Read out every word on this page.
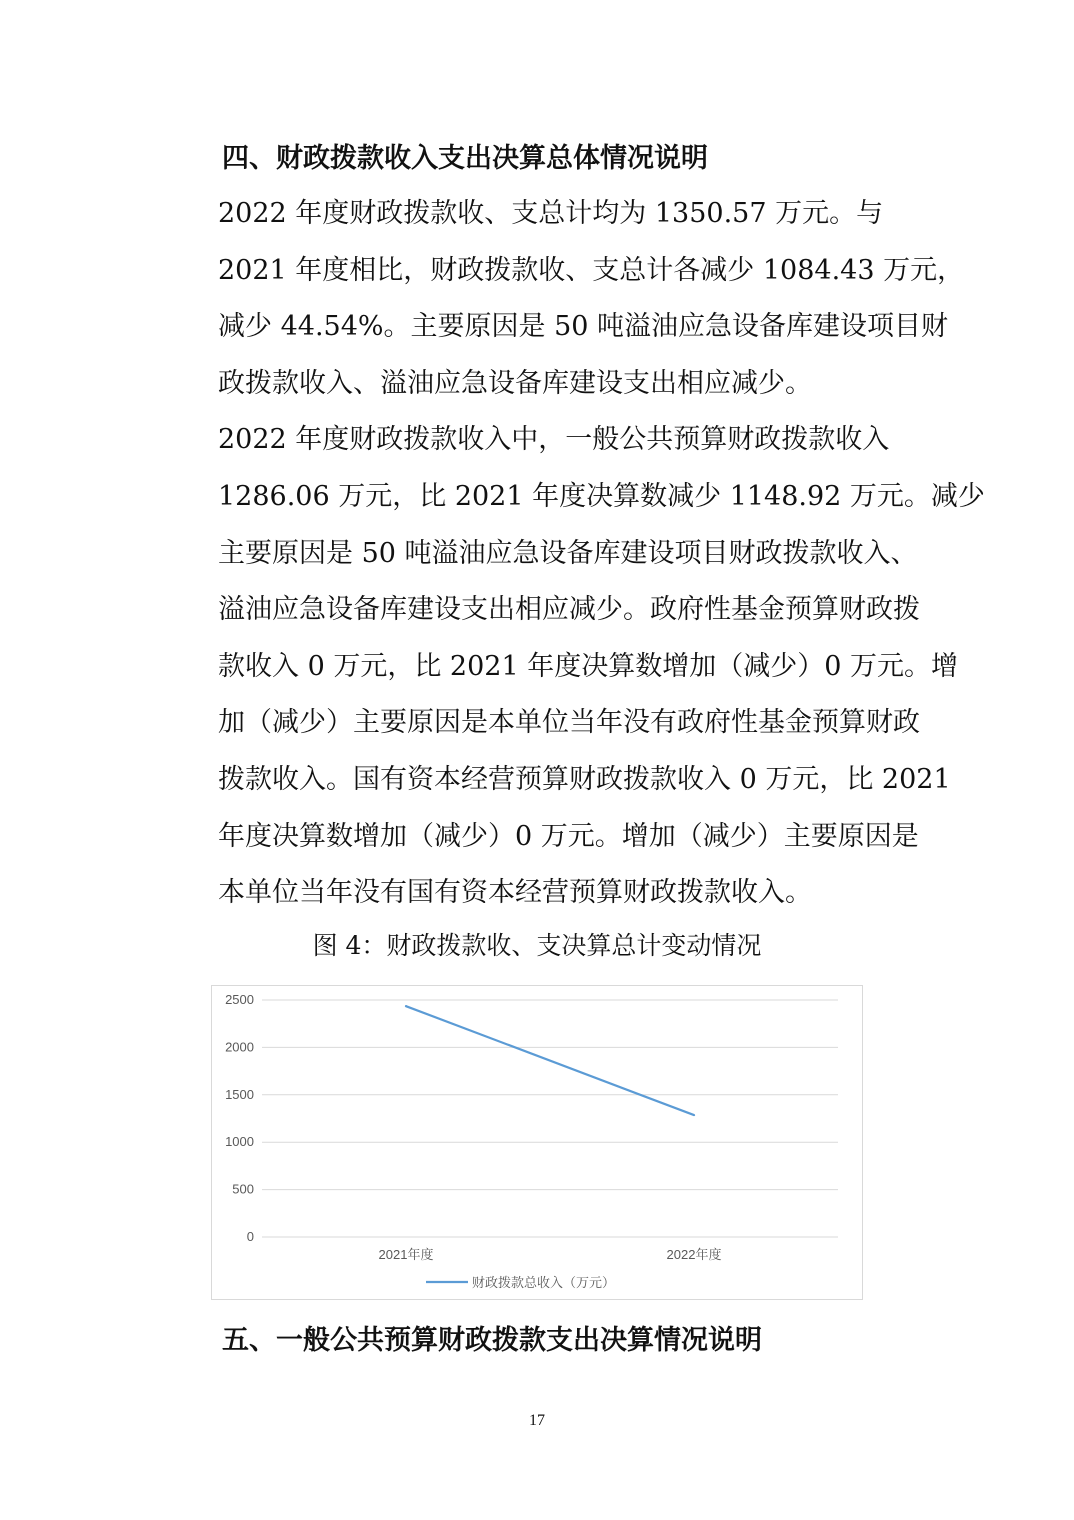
四、财政拨款收入支出决算总体情况说明

2022 年度财政拨款收、支总计均为 1350.57 万元。与
2021 年度相比，财政拨款收、支总计各减少 1084.43 万元，
减少 44.54%。主要原因是 50 吨溢油应急设备库建设项目财
政拨款收入、溢油应急设备库建设支出相应减少。

2022 年度财政拨款收入中，一般公共预算财政拨款收入
1286.06 万元，比 2021 年度决算数减少 1148.92 万元。减少
主要原因是 50 吨溢油应急设备库建设项目财政拨款收入、
溢油应急设备库建设支出相应减少。政府性基金预算财政拨
款收入 0 万元，比 2021 年度决算数增加（减少）0 万元。增
加（减少）主要原因是本单位当年没有政府性基金预算财政
拨款收入。国有资本经营预算财政拨款收入 0 万元，比 2021
年度决算数增加（减少）0 万元。增加（减少）主要原因是
本单位当年没有国有资本经营预算财政拨款收入。

图 4：财政拨款收、支决算总计变动情况
0
500
1000
1500
2000
2500
2021年度	2022年度
财政拨款总收入（万元）
五、一般公共预算财政拨款支出决算情况说明
17
